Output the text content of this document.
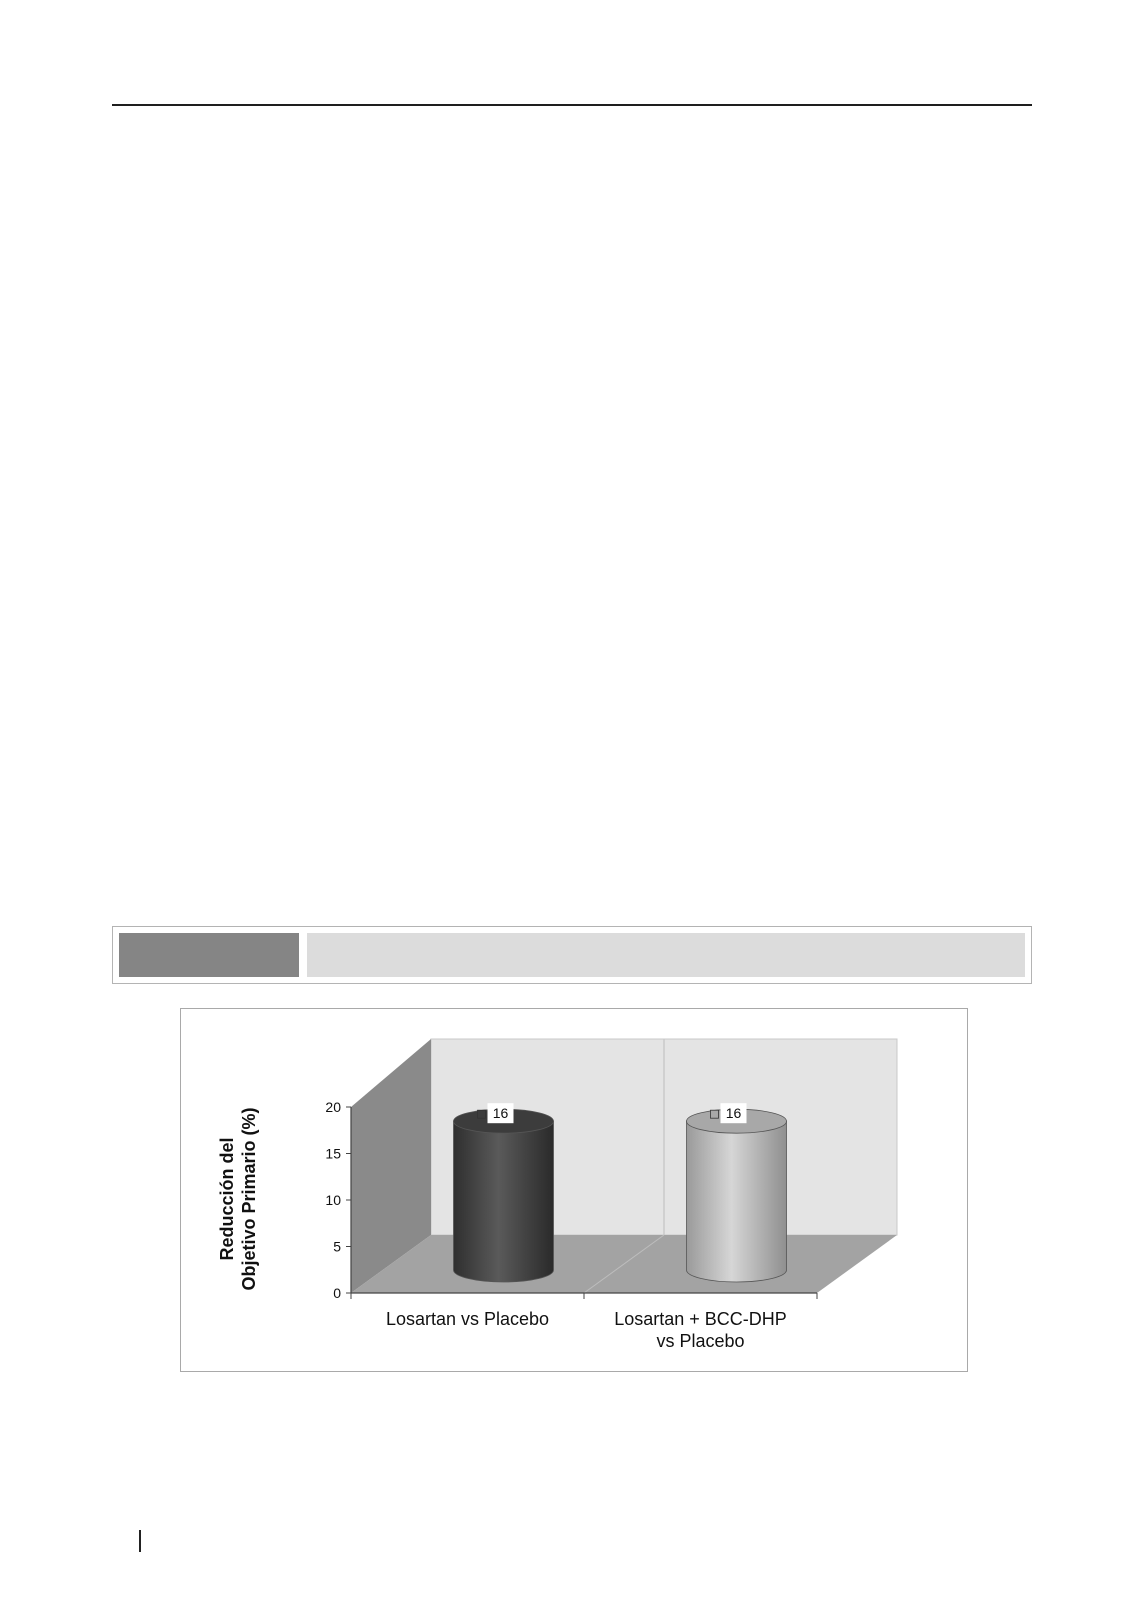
0
5
10
15
20
Reducción del Objetivo Primario (%)	16	16
Losartan vs Placebo	Losartan + BCC-DHP vs Placebo
